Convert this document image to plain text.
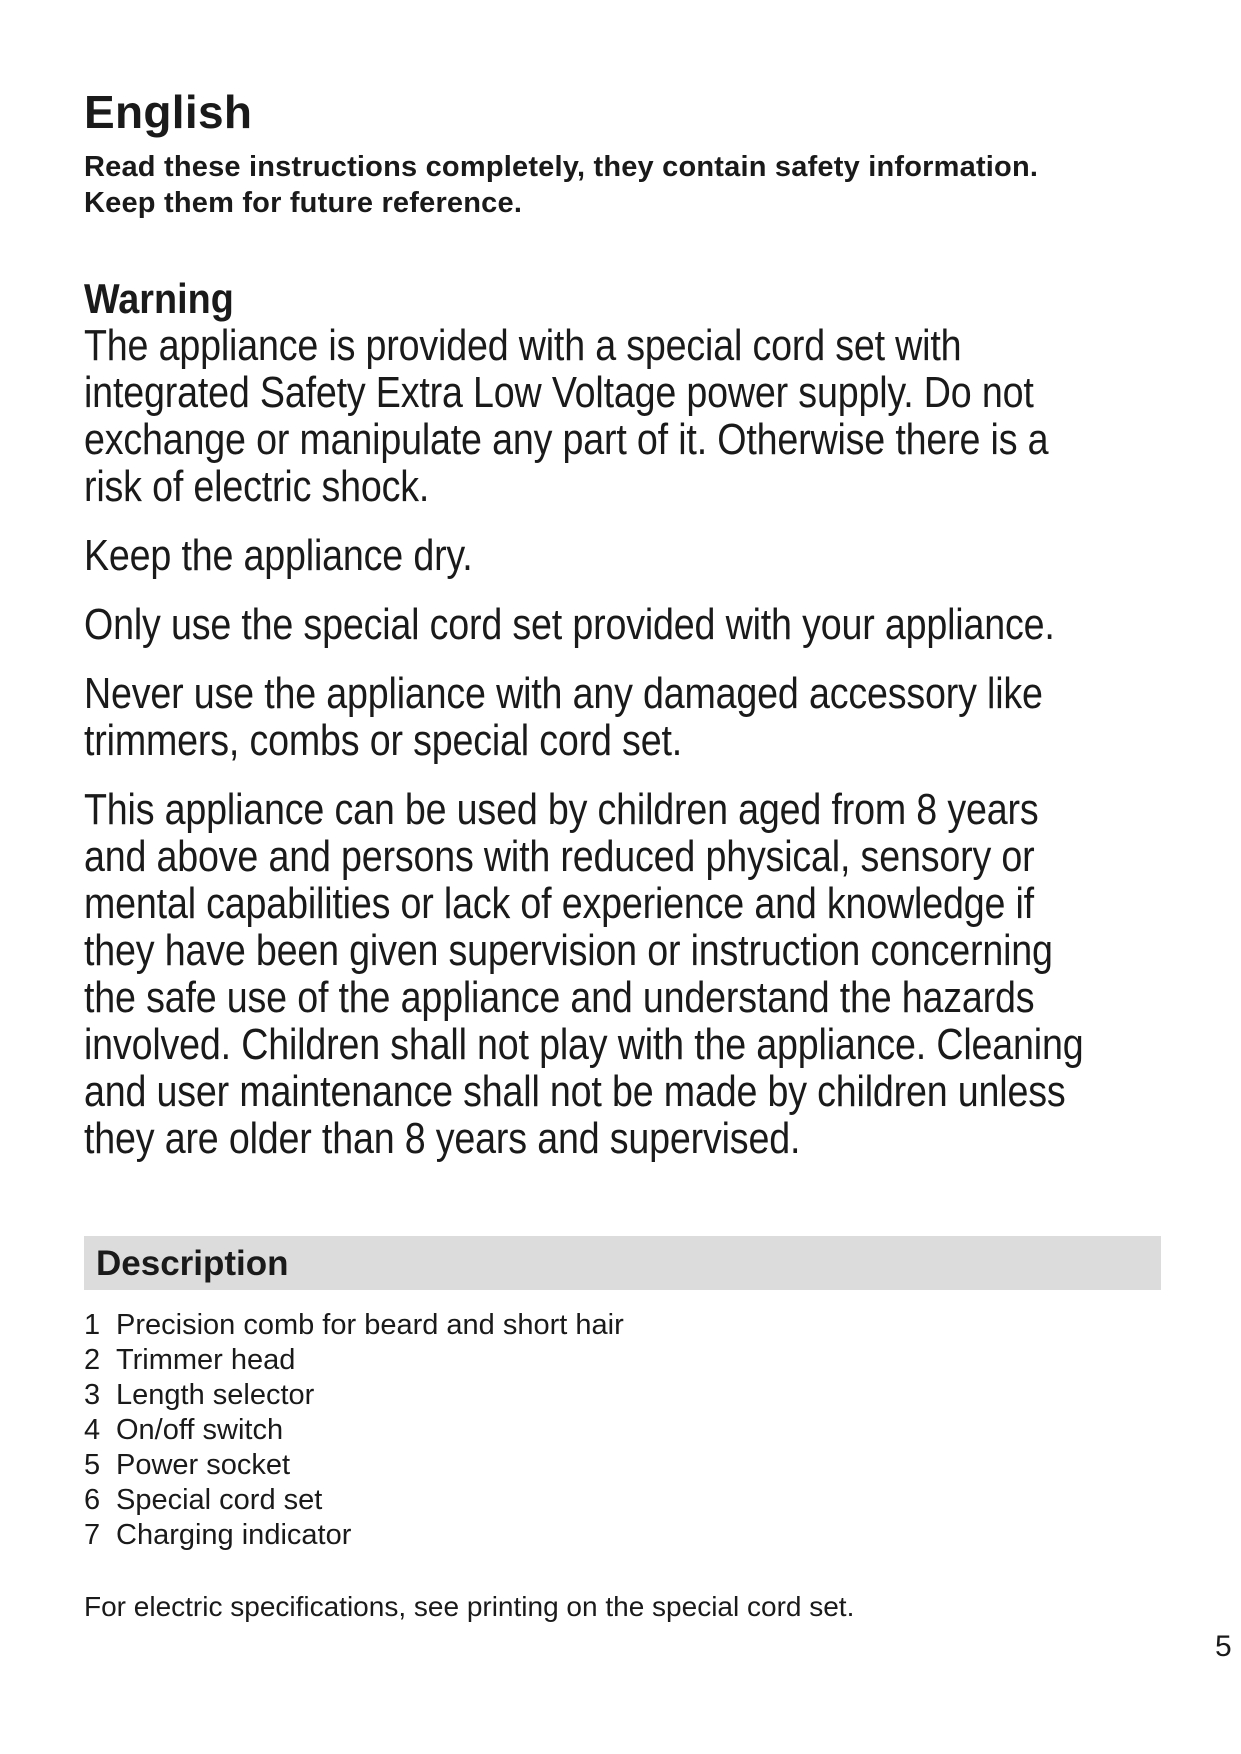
English

Read these instructions completely, they contain safety information.
Keep them for future reference.

Warning

The appliance is provided with a special cord set with
integrated Safety Extra Low Voltage power supply. Do not
exchange or manipulate any part of it. Otherwise there is a
risk of electric shock.

Keep the appliance dry.

Only use the special cord set provided with your appliance.

Never use the appliance with any damaged accessory like
trimmers, combs or special cord set.

This appliance can be used by children aged from 8 years
and above and persons with reduced physical, sensory or
mental capabilities or lack of experience and knowledge if
they have been given supervision or instruction concerning
the safe use of the appliance and understand the hazards
involved. Children shall not play with the appliance. Cleaning
and user maintenance shall not be made by children unless
they are older than 8 years and supervised.

Description
1 Precision comb for beard and short hair
2 Trimmer head
3 Length selector
4 On/off switch
5 Power socket
6 Special cord set
7 Charging indicator

For electric specifications, see printing on the special cord set.

5
